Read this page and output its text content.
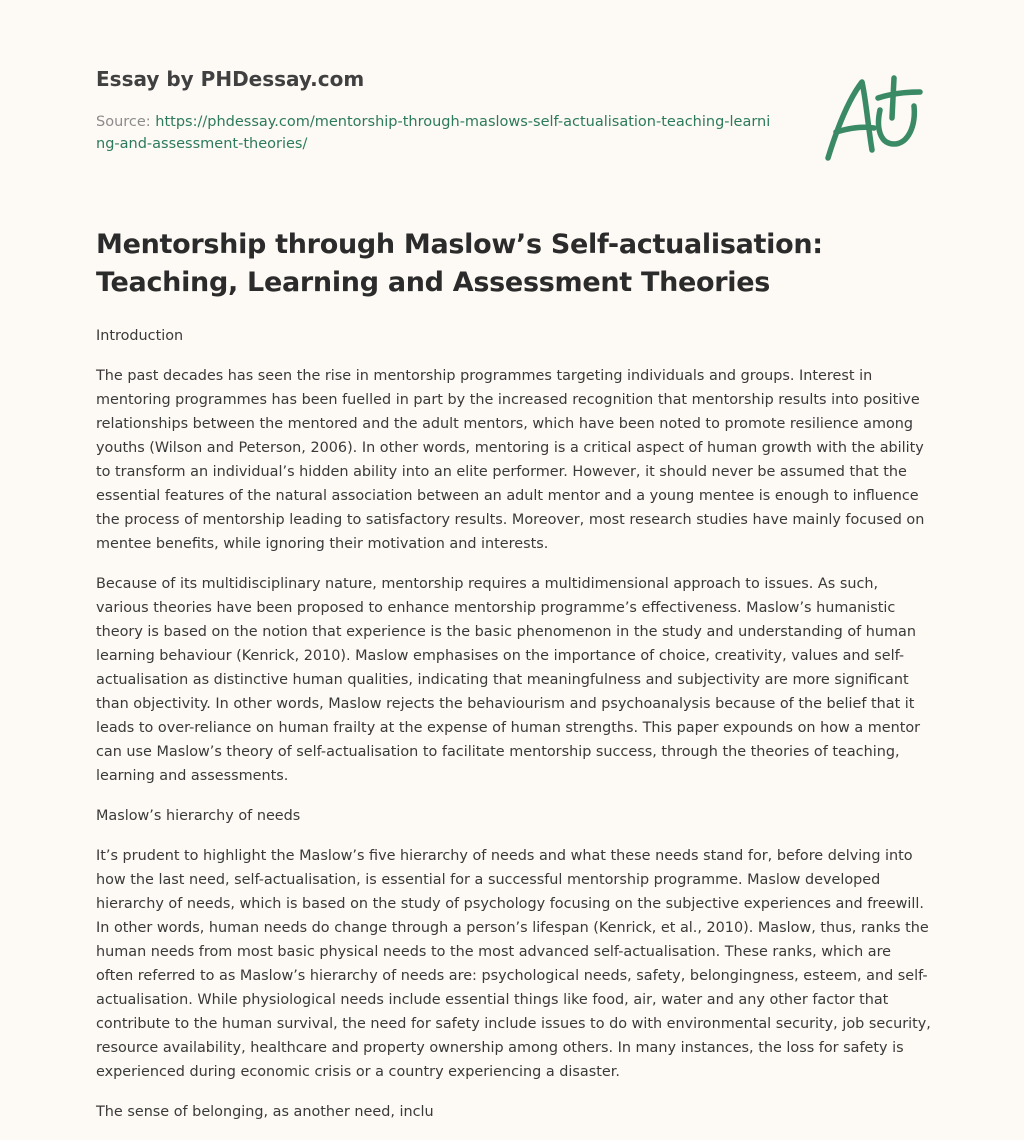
Essay by PHDessay.com
Source: https://phdessay.com/mentorship-through-maslows-self-actualisation-teaching-learning-and-assessment-theories/
Mentorship through Maslow’s Self-actualisation: Teaching, Learning and Assessment Theories

Introduction

The past decades has seen the rise in mentorship programmes targeting individuals and groups. Interest in mentoring programmes has been fuelled in part by the increased recognition that mentorship results into positive relationships between the mentored and the adult mentors, which have been noted to promote resilience among youths (Wilson and Peterson, 2006). In other words, mentoring is a critical aspect of human growth with the ability to transform an individual’s hidden ability into an elite performer. However, it should never be assumed that the essential features of the natural association between an adult mentor and a young mentee is enough to influence the process of mentorship leading to satisfactory results. Moreover, most research studies have mainly focused on mentee benefits, while ignoring their motivation and interests.

Because of its multidisciplinary nature, mentorship requires a multidimensional approach to issues. As such, various theories have been proposed to enhance mentorship programme’s effectiveness. Maslow’s humanistic theory is based on the notion that experience is the basic phenomenon in the study and understanding of human learning behaviour (Kenrick, 2010). Maslow emphasises on the importance of choice, creativity, values and self-actualisation as distinctive human qualities, indicating that meaningfulness and subjectivity are more significant than objectivity. In other words, Maslow rejects the behaviourism and psychoanalysis because of the belief that it leads to over-reliance on human frailty at the expense of human strengths. This paper expounds on how a mentor can use Maslow’s theory of self-actualisation to facilitate mentorship success, through the theories of teaching, learning and assessments.

Maslow’s hierarchy of needs

It’s prudent to highlight the Maslow’s five hierarchy of needs and what these needs stand for, before delving into how the last need, self-actualisation, is essential for a successful mentorship programme. Maslow developed hierarchy of needs, which is based on the study of psychology focusing on the subjective experiences and freewill. In other words, human needs do change through a person’s lifespan (Kenrick, et al., 2010). Maslow, thus, ranks the human needs from most basic physical needs to the most advanced self-actualisation. These ranks, which are often referred to as Maslow’s hierarchy of needs are: psychological needs, safety, belongingness, esteem, and self-actualisation. While physiological needs include essential things like food, air, water and any other factor that contribute to the human survival, the need for safety include issues to do with environmental security, job security, resource availability, healthcare and property ownership among others. In many instances, the loss for safety is experienced during economic crisis or a country experiencing a disaster.

The sense of belonging, as another need, inclu
